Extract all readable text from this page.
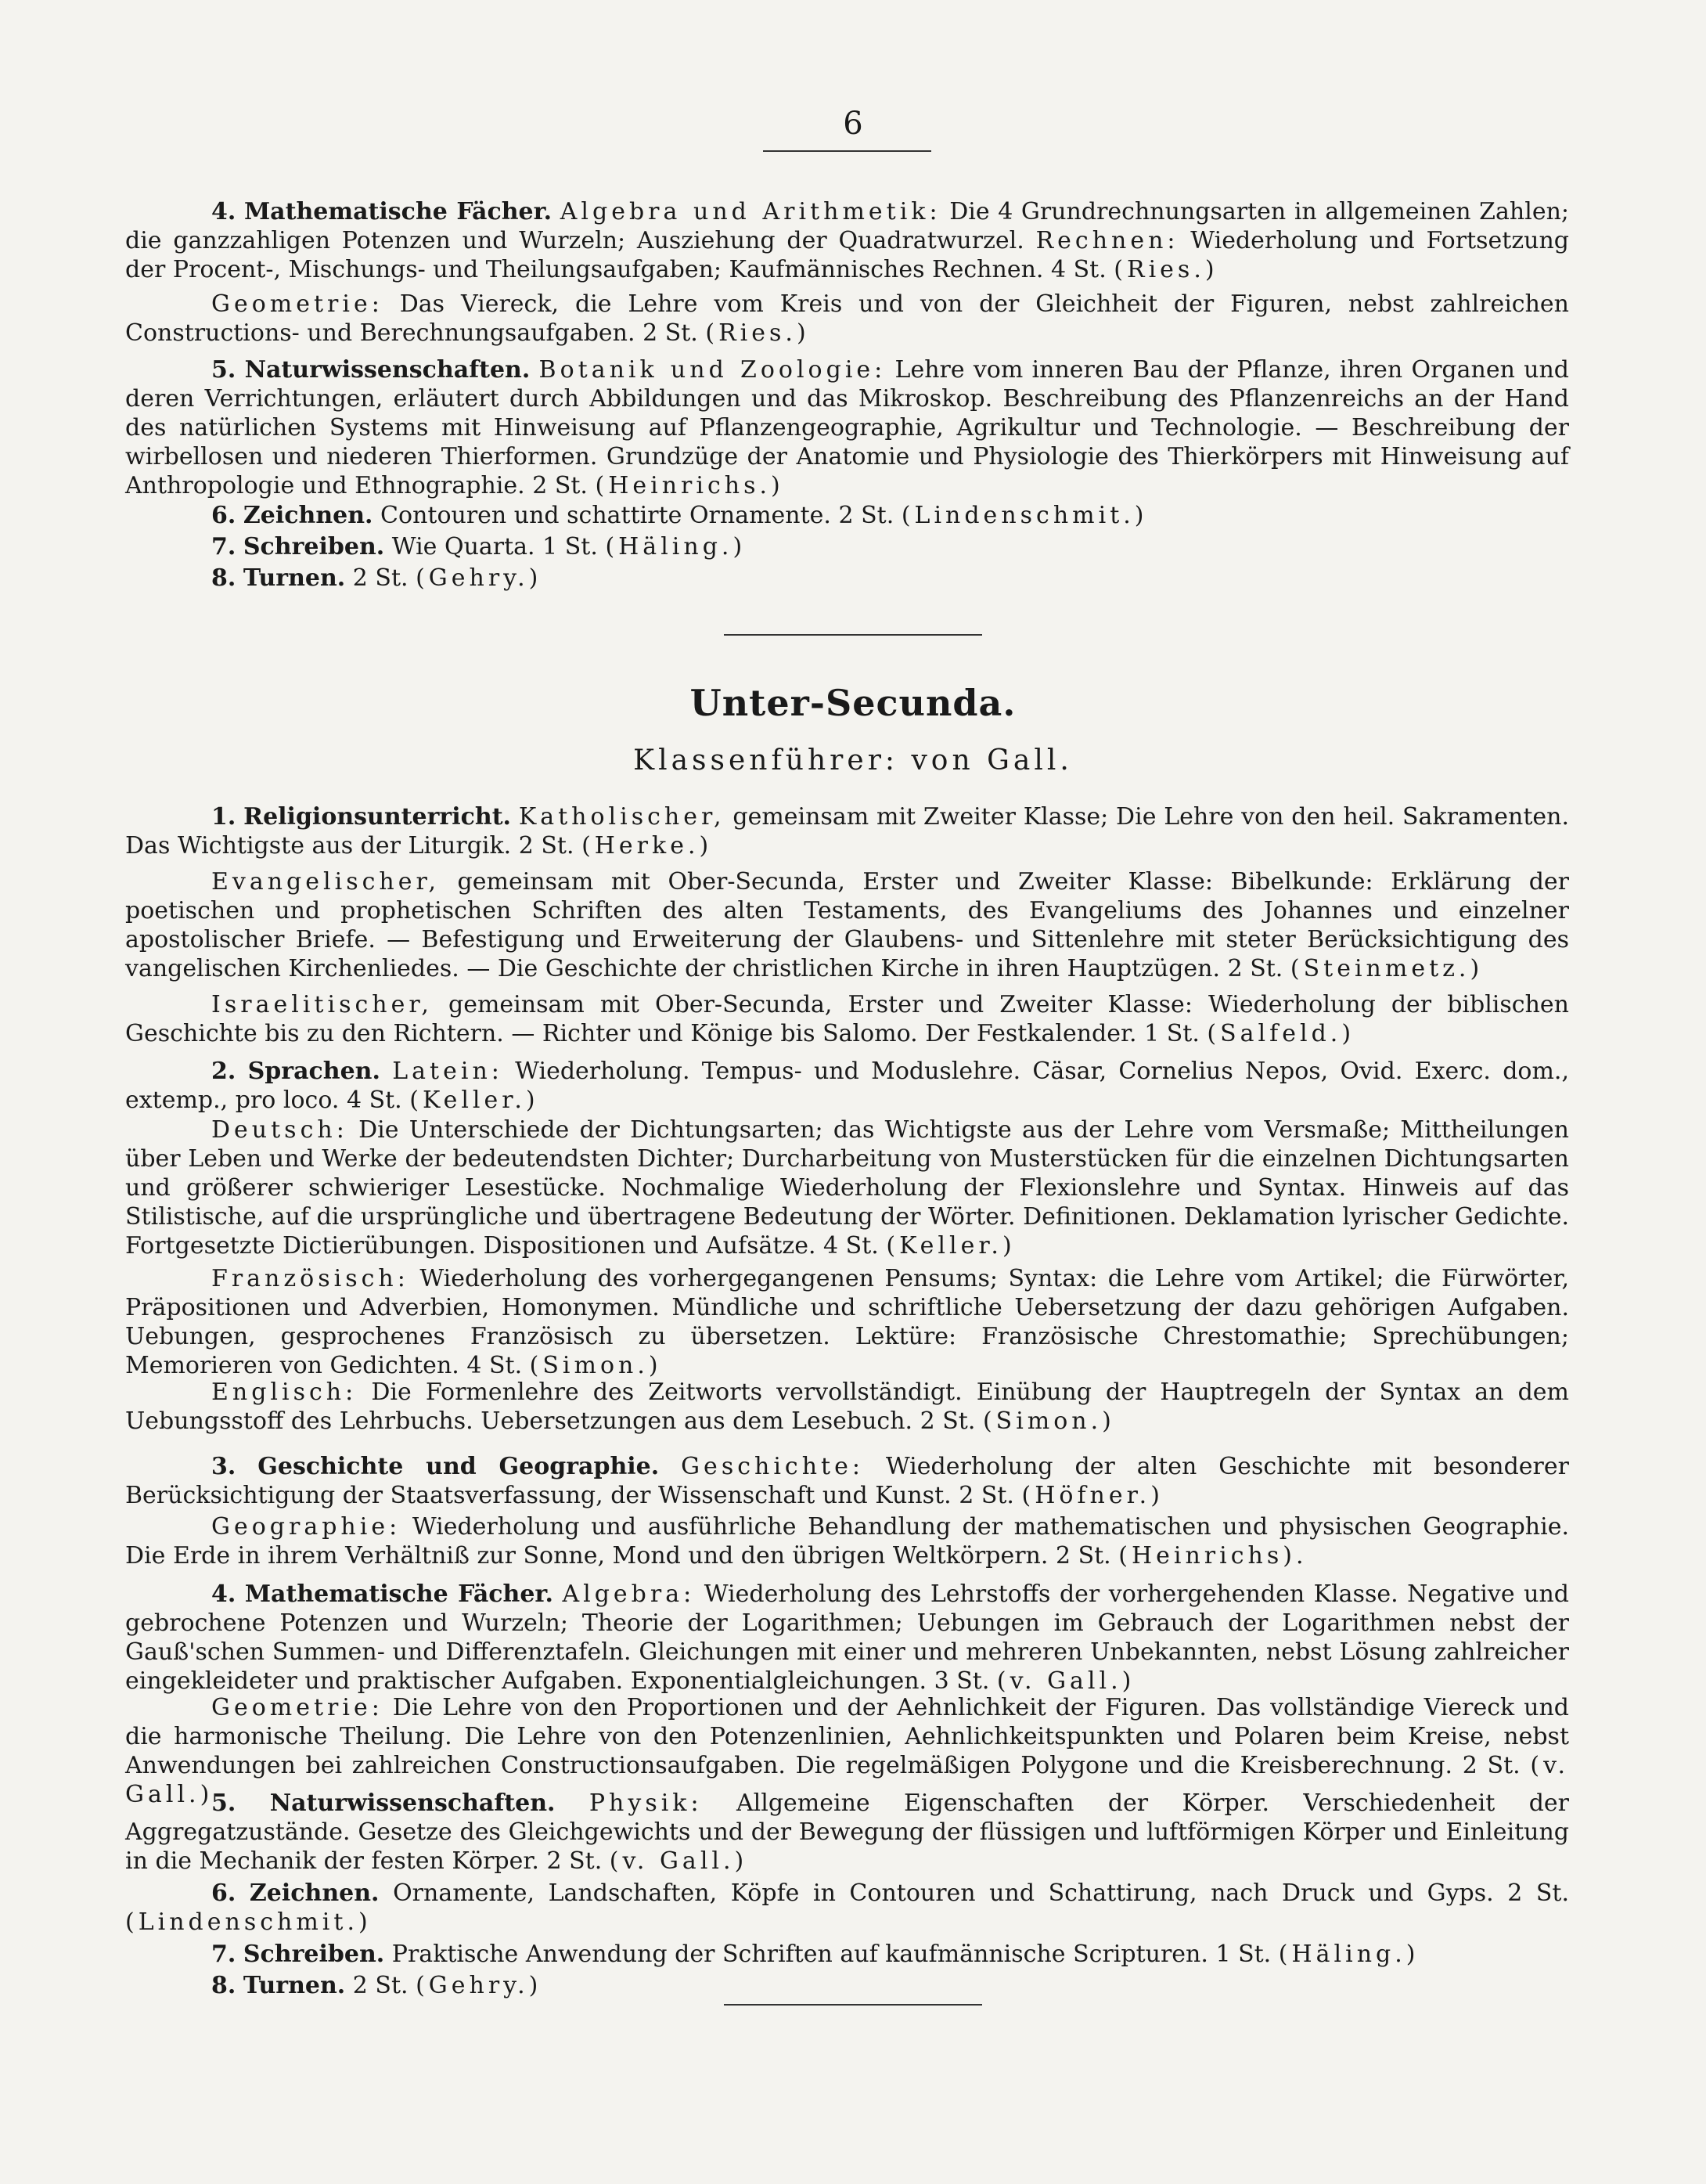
6
4. Mathematische Fächer. Algebra und Arithmetik: Die 4 Grundrechnungsarten in allgemeinen Zahlen; die ganzzahligen Potenzen und Wurzeln; Ausziehung der Quadratwurzel. Rechnen: Wiederholung und Fortsetzung der Procent-, Mischungs- und Theilungsaufgaben; Kaufmännisches Rechnen. 4 St. (Ries.)
Geometrie: Das Viereck, die Lehre vom Kreis und von der Gleichheit der Figuren, nebst zahlreichen Constructions- und Berechnungsaufgaben. 2 St. (Ries.)
5. Naturwissenschaften. Botanik und Zoologie: Lehre vom inneren Bau der Pflanze, ihren Organen und deren Verrichtungen, erläutert durch Abbildungen und das Mikroskop. Beschreibung des Pflanzenreichs an der Hand des natürlichen Systems mit Hinweisung auf Pflanzengeographie, Agrikultur und Technologie. — Beschreibung der wirbellosen und niederen Thierformen. Grundzüge der Anatomie und Physiologie des Thierkörpers mit Hinweisung auf Anthropologie und Ethnographie. 2 St. (Heinrichs.)
6. Zeichnen. Contouren und schattirte Ornamente. 2 St. (Lindenschmit.)
7. Schreiben. Wie Quarta. 1 St. (Häling.)
8. Turnen. 2 St. (Gehry.)
Unter-Secunda.
Klassenführer: von Gall.
1. Religionsunterricht. Katholischer, gemeinsam mit Zweiter Klasse; Die Lehre von den heil. Sakramenten. Das Wichtigste aus der Liturgik. 2 St. (Herke.)
Evangelischer, gemeinsam mit Ober-Secunda, Erster und Zweiter Klasse: Bibelkunde: Erklärung der poetischen und prophetischen Schriften des alten Testaments, des Evangeliums des Johannes und einzelner apostolischer Briefe. — Befestigung und Erweiterung der Glaubens- und Sittenlehre mit steter Berücksichtigung des vangelischen Kirchenliedes. — Die Geschichte der christlichen Kirche in ihren Hauptzügen. 2 St. (Steinmetz.)
Israelitischer, gemeinsam mit Ober-Secunda, Erster und Zweiter Klasse: Wiederholung der biblischen Geschichte bis zu den Richtern. — Richter und Könige bis Salomo. Der Festkalender. 1 St. (Salfeld.)
2. Sprachen. Latein: Wiederholung. Tempus- und Moduslehre. Cäsar, Cornelius Nepos, Ovid. Exerc. dom., extemp., pro loco. 4 St. (Keller.)
Deutsch: Die Unterschiede der Dichtungsarten; das Wichtigste aus der Lehre vom Versmaße; Mittheilungen über Leben und Werke der bedeutendsten Dichter; Durcharbeitung von Musterstücken für die einzelnen Dichtungsarten und größerer schwieriger Lesestücke. Nochmalige Wiederholung der Flexionslehre und Syntax. Hinweis auf das Stilistische, auf die ursprüngliche und übertragene Bedeutung der Wörter. Definitionen. Deklamation lyrischer Gedichte. Fortgesetzte Dictierübungen. Dispositionen und Aufsätze. 4 St. (Keller.)
Französisch: Wiederholung des vorhergegangenen Pensums; Syntax: die Lehre vom Artikel; die Fürwörter, Präpositionen und Adverbien, Homonymen. Mündliche und schriftliche Uebersetzung der dazu gehörigen Aufgaben. Uebungen, gesprochenes Französisch zu übersetzen. Lektüre: Französische Chrestomathie; Sprechübungen; Memorieren von Gedichten. 4 St. (Simon.)
Englisch: Die Formenlehre des Zeitworts vervollständigt. Einübung der Hauptregeln der Syntax an dem Uebungsstoff des Lehrbuchs. Uebersetzungen aus dem Lesebuch. 2 St. (Simon.)
3. Geschichte und Geographie. Geschichte: Wiederholung der alten Geschichte mit besonderer Berücksichtigung der Staatsverfassung, der Wissenschaft und Kunst. 2 St. (Höfner.)
Geographie: Wiederholung und ausführliche Behandlung der mathematischen und physischen Geographie. Die Erde in ihrem Verhältniß zur Sonne, Mond und den übrigen Weltkörpern. 2 St. (Heinrichs).
4. Mathematische Fächer. Algebra: Wiederholung des Lehrstoffs der vorhergehenden Klasse. Negative und gebrochene Potenzen und Wurzeln; Theorie der Logarithmen; Uebungen im Gebrauch der Logarithmen nebst der Gauß'schen Summen- und Differenztafeln. Gleichungen mit einer und mehreren Unbekannten, nebst Lösung zahlreicher eingekleideter und praktischer Aufgaben. Exponentialgleichungen. 3 St. (v. Gall.)
Geometrie: Die Lehre von den Proportionen und der Aehnlichkeit der Figuren. Das vollständige Viereck und die harmonische Theilung. Die Lehre von den Potenzenlinien, Aehnlichkeitspunkten und Polaren beim Kreise, nebst Anwendungen bei zahlreichen Constructionsaufgaben. Die regelmäßigen Polygone und die Kreisberechnung. 2 St. (v. Gall.)
5. Naturwissenschaften. Physik: Allgemeine Eigenschaften der Körper. Verschiedenheit der Aggregatzustände. Gesetze des Gleichgewichts und der Bewegung der flüssigen und luftförmigen Körper und Einleitung in die Mechanik der festen Körper. 2 St. (v. Gall.)
6. Zeichnen. Ornamente, Landschaften, Köpfe in Contouren und Schattirung, nach Druck und Gyps. 2 St. (Lindenschmit.)
7. Schreiben. Praktische Anwendung der Schriften auf kaufmännische Scripturen. 1 St. (Häling.)
8. Turnen. 2 St. (Gehry.)
